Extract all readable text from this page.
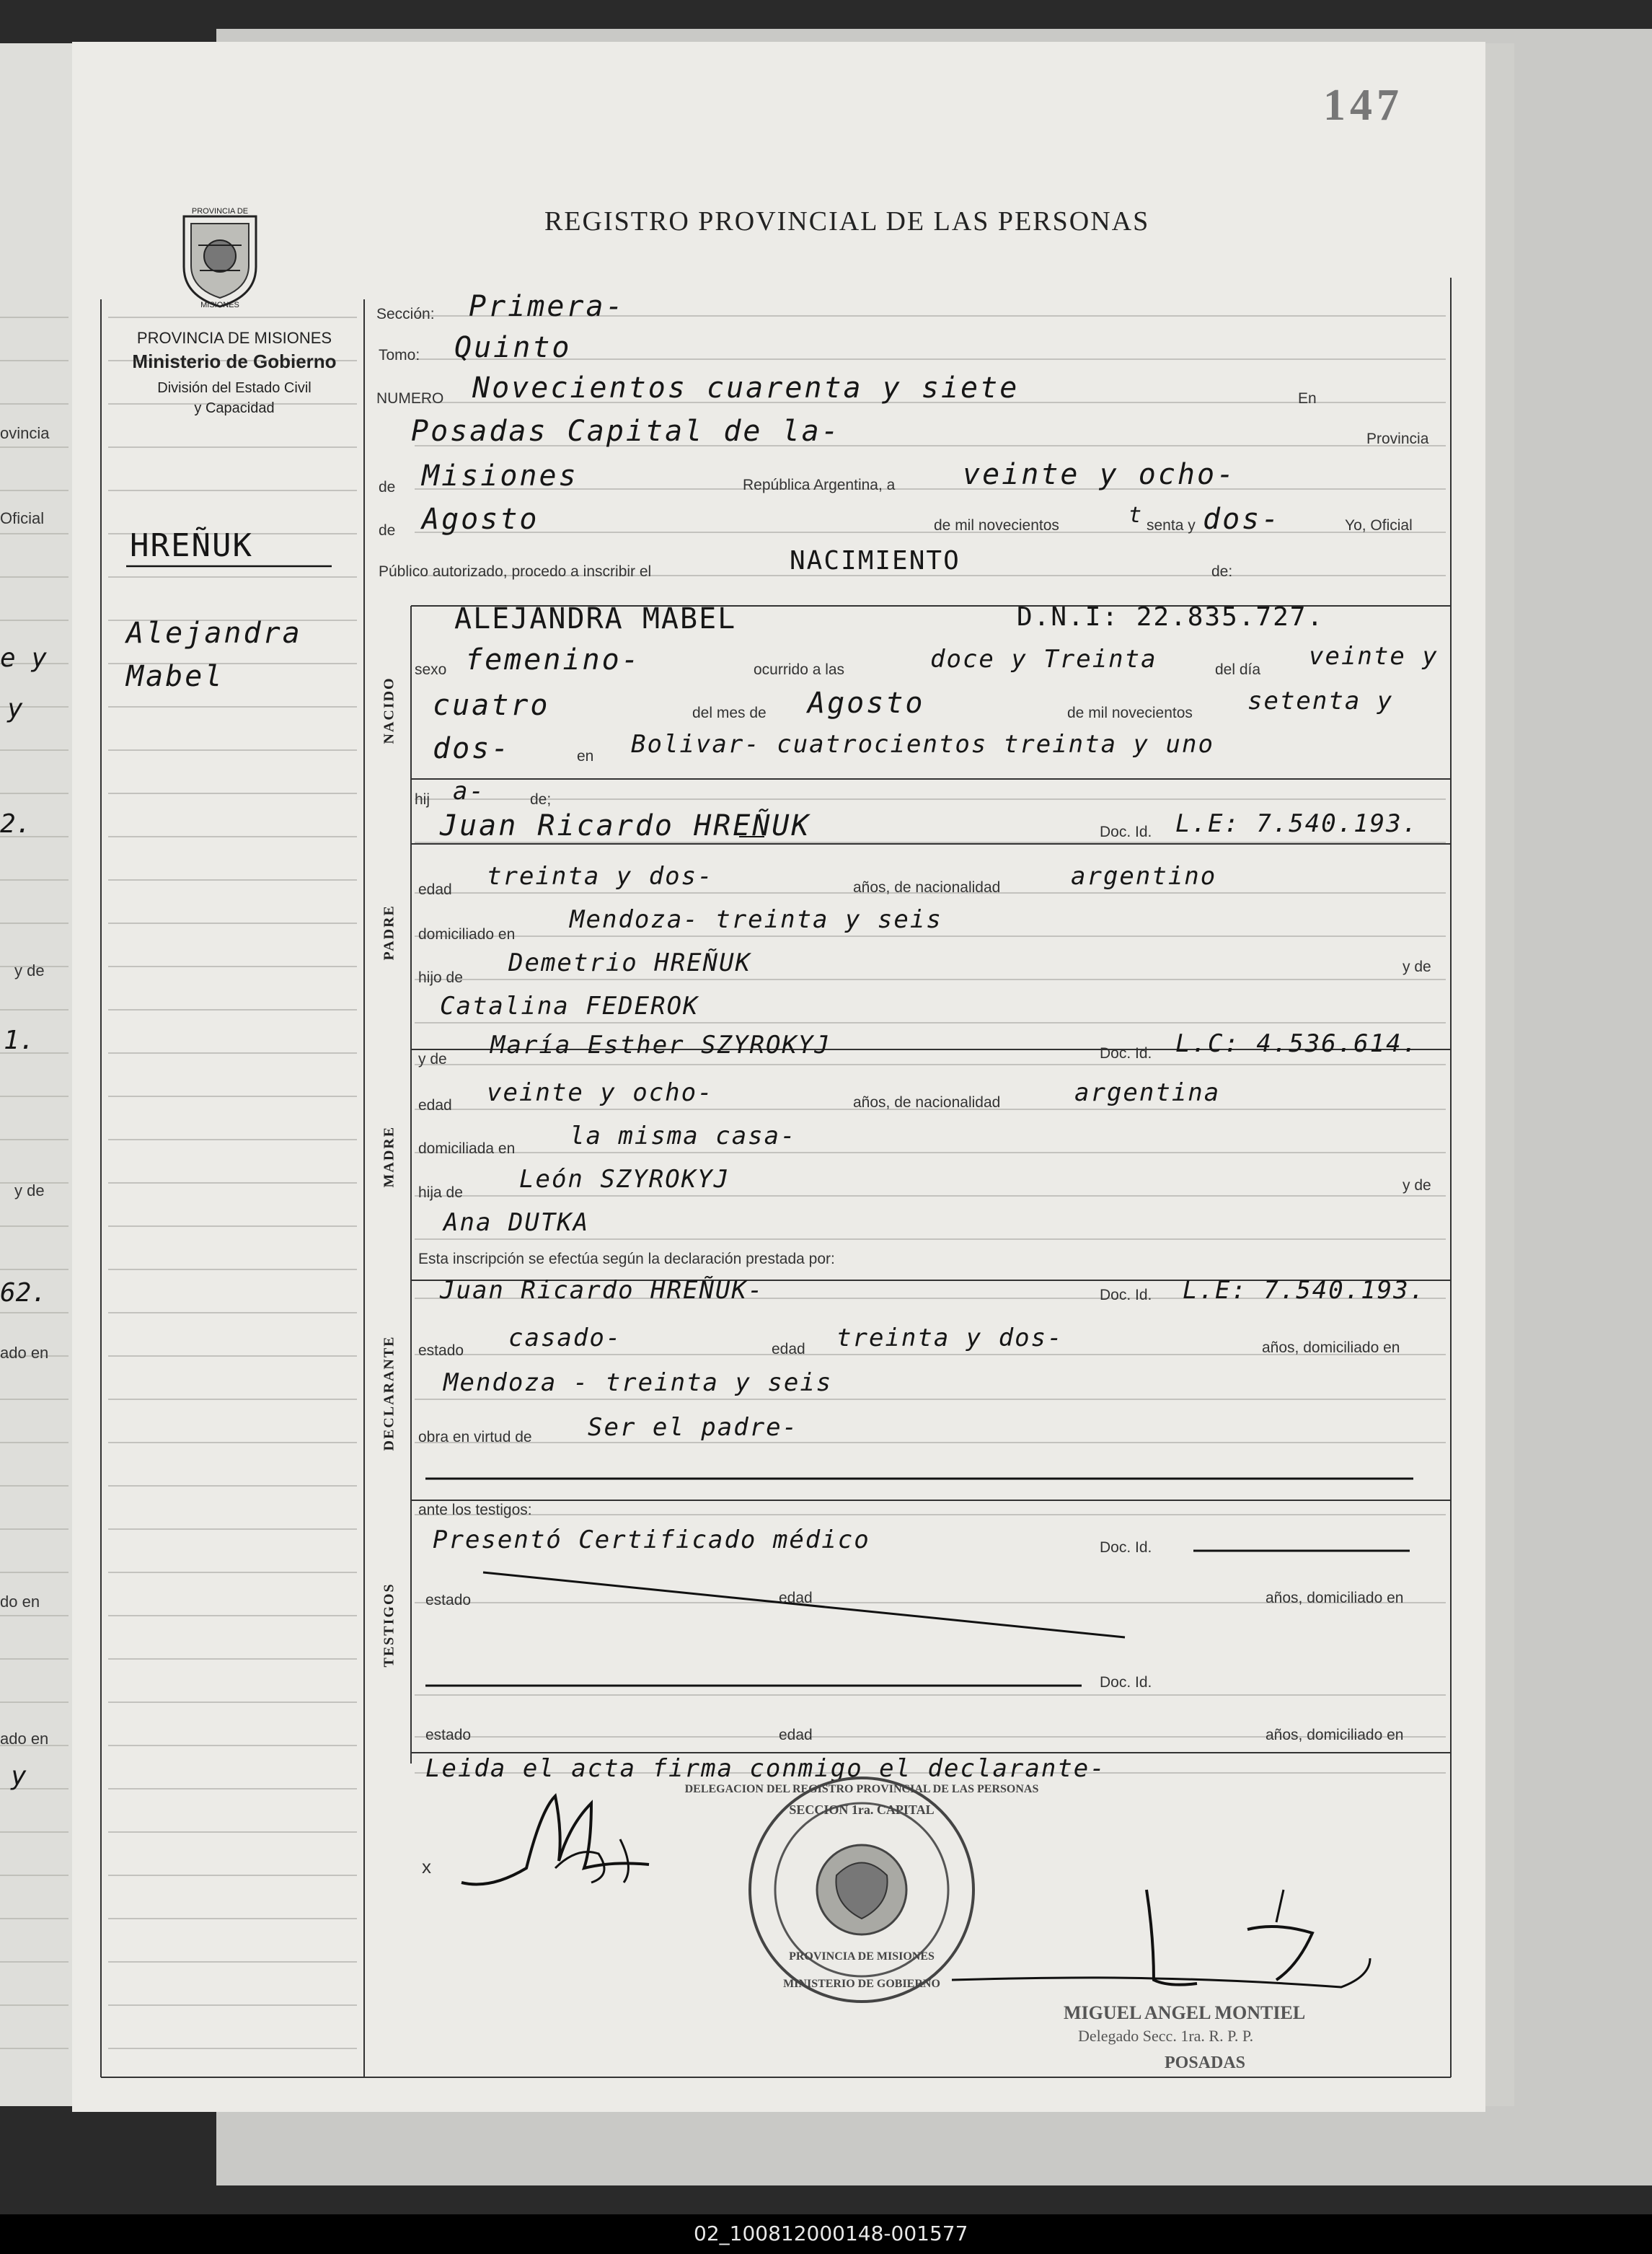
147
PROVINCIA DE
MISIONES
PROVINCIA DE MISIONES
Ministerio de Gobierno
División del Estado Civil
y Capacidad
REGISTRO PROVINCIAL DE LAS PERSONAS
HREÑUK
Alejandra
Mabel
ovincia
Oficial
e y
y
2.
y de
1.
y de
62.
ado en
do en
ado en
y
Sección: Primera-
Tomo: Quinto
NUMERO Novecientos cuarenta y siete	En
Posadas Capital de la-	Provincia
de Misiones	República Argentina, a veinte y ocho-
de Agosto	de mil novecientos	t senta y dos-	Yo, Oficial
Público autorizado, procedo a inscribir el	NACIMIENTO	de:
NACIDO
ALEJANDRA MABEL	D.N.I: 22.835.727.
sexo femenino-	ocurrido a las	doce y Treinta	del día veinte y
cuatro	del mes de Agosto	de mil novecientos setenta y
dos-	en Bolivar- cuatrocientos treinta y uno
hij a-	de;
PADRE
Juan Ricardo HREÑUK	Doc. Id. L.E: 7.540.193.
edad treinta y dos-	años, de nacionalidad	argentino
domiciliado en
Mendoza- treinta y seis
hijo de
Demetrio HREÑUK	y de
Catalina FEDEROK
MADRE
y de María Esther SZYROKYJ	Doc. Id. L.C: 4.536.614.
edad veinte y ocho-	años, de nacionalidad	argentina
domiciliada en la misma casa-
hija de León SZYROKYJ	y de
Ana DUTKA
DECLARANTE
Esta inscripción se efectúa según la declaración prestada por:
Juan Ricardo HREÑUK-	Doc. Id. L.E: 7.540.193.
estado casado-	edad treinta y dos-	años, domiciliado en
Mendoza - treinta y seis
obra en virtud de Ser el padre-
ante los testigos:
TESTIGOS
Presentó Certificado médico	Doc. Id.
estado	edad	años, domiciliado en
Doc. Id.
estado	edad	años, domiciliado en
Leida el acta firma conmigo el declarante-
x
DELEGACION DEL REGISTRO PROVINCIAL DE LAS PERSONAS
SECCION 1ra. CAPITAL
PROVINCIA DE MISIONES
MINISTERIO DE GOBIERNO
MIGUEL ANGEL MONTIEL
Delegado Secc. 1ra. R. P. P.
POSADAS
02_100812000148-001577
